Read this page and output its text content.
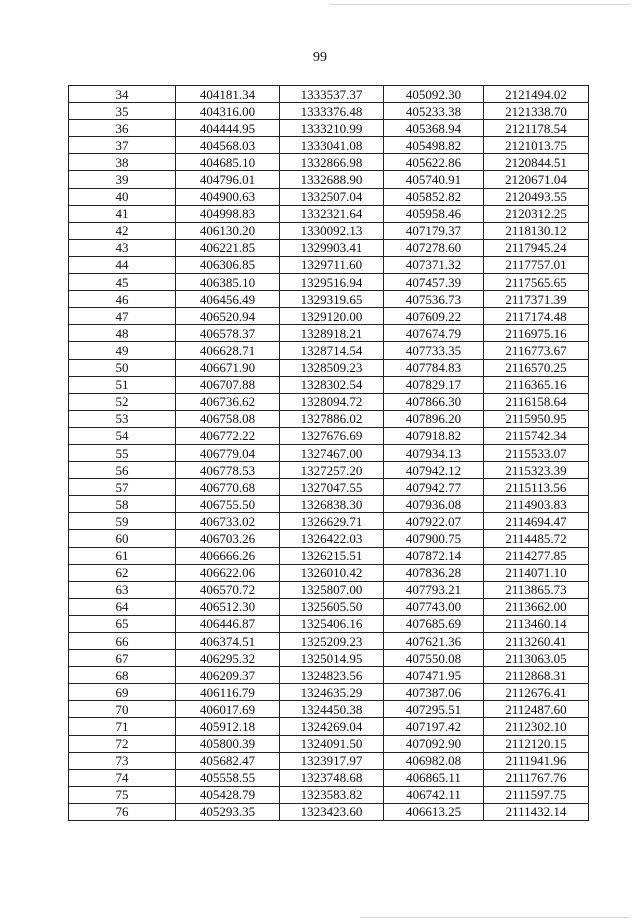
99
34	404181.34	1333537.37	405092.30	2121494.02
35	404316.00	1333376.48	405233.38	2121338.70
36	404444.95	1333210.99	405368.94	2121178.54
37	404568.03	1333041.08	405498.82	2121013.75
38	404685.10	1332866.98	405622.86	2120844.51
39	404796.01	1332688.90	405740.91	2120671.04
40	404900.63	1332507.04	405852.82	2120493.55
41	404998.83	1332321.64	405958.46	2120312.25
42	406130.20	1330092.13	407179.37	2118130.12
43	406221.85	1329903.41	407278.60	2117945.24
44	406306.85	1329711.60	407371.32	2117757.01
45	406385.10	1329516.94	407457.39	2117565.65
46	406456.49	1329319.65	407536.73	2117371.39
47	406520.94	1329120.00	407609.22	2117174.48
48	406578.37	1328918.21	407674.79	2116975.16
49	406628.71	1328714.54	407733.35	2116773.67
50	406671.90	1328509.23	407784.83	2116570.25
51	406707.88	1328302.54	407829.17	2116365.16
52	406736.62	1328094.72	407866.30	2116158.64
53	406758.08	1327886.02	407896.20	2115950.95
54	406772.22	1327676.69	407918.82	2115742.34
55	406779.04	1327467.00	407934.13	2115533.07
56	406778.53	1327257.20	407942.12	2115323.39
57	406770.68	1327047.55	407942.77	2115113.56
58	406755.50	1326838.30	407936.08	2114903.83
59	406733.02	1326629.71	407922.07	2114694.47
60	406703.26	1326422.03	407900.75	2114485.72
61	406666.26	1326215.51	407872.14	2114277.85
62	406622.06	1326010.42	407836.28	2114071.10
63	406570.72	1325807.00	407793.21	2113865.73
64	406512.30	1325605.50	407743.00	2113662.00
65	406446.87	1325406.16	407685.69	2113460.14
66	406374.51	1325209.23	407621.36	2113260.41
67	406295.32	1325014.95	407550.08	2113063.05
68	406209.37	1324823.56	407471.95	2112868.31
69	406116.79	1324635.29	407387.06	2112676.41
70	406017.69	1324450.38	407295.51	2112487.60
71	405912.18	1324269.04	407197.42	2112302.10
72	405800.39	1324091.50	407092.90	2112120.15
73	405682.47	1323917.97	406982.08	2111941.96
74	405558.55	1323748.68	406865.11	2111767.76
75	405428.79	1323583.82	406742.11	2111597.75
76	405293.35	1323423.60	406613.25	2111432.14
